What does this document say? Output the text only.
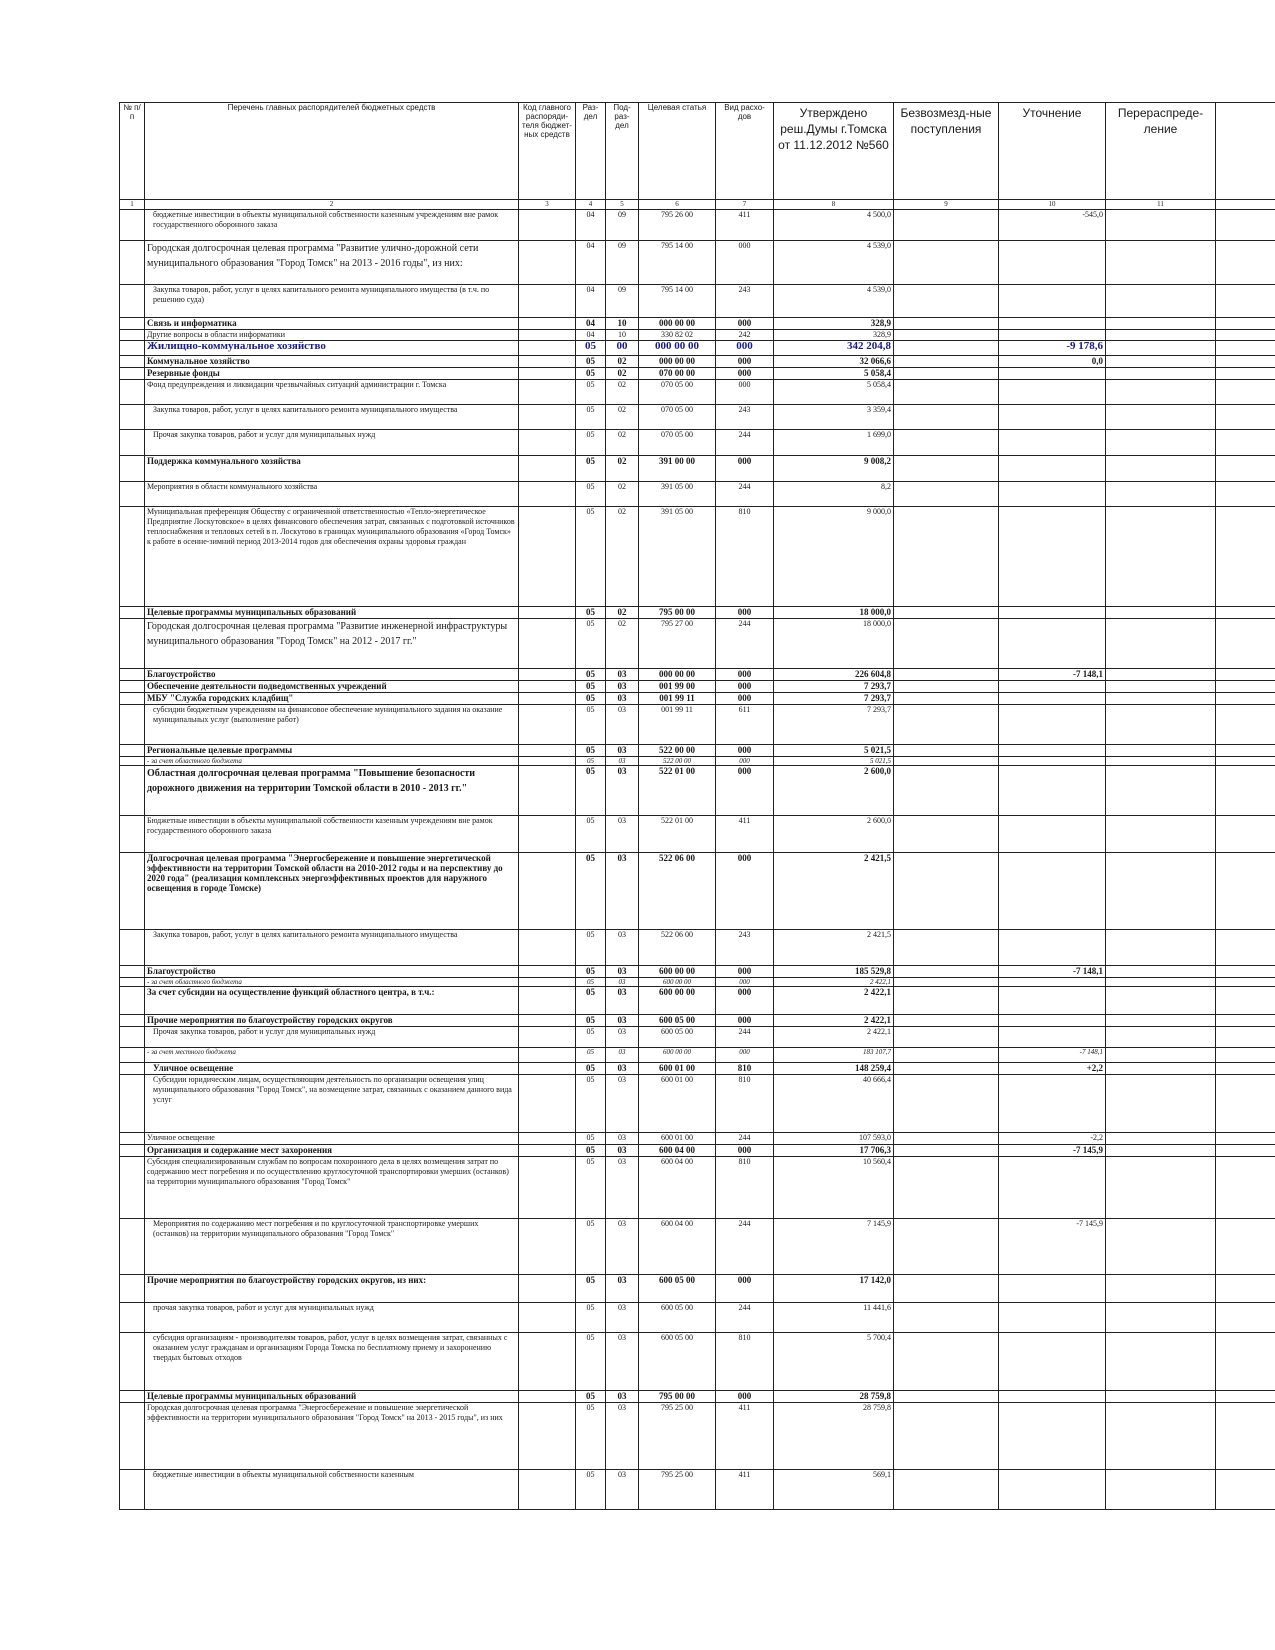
№ п/п	Перечень главных распорядителей бюджетных средств	Код главного распоряди-теля бюджет-ных средств	Раз-дел	Под-раз-дел	Целевая статья	Вид расхо-дов	Утверждено реш.Думы г.Томска от 11.12.2012 №560	Безвозмезд-ные поступления	Уточнение	Перераспреде-ление	
1	2	3	4	5	6	7	8	9	10	11	
	бюджетные инвестиции в объекты муниципальной собственности казенным учреждениям вне рамок государственного оборонного заказа		04	09	795 26 00	411	4 500,0		-545,0		
	Городская долгосрочная целевая программа "Развитие улично-дорожной сети муниципального образования "Город Томск" на 2013 - 2016 годы", из них:		04	09	795 14 00	000	4 539,0				
	Закупка товаров, работ, услуг в целях капитального ремонта муниципального имущества (в т.ч. по решению суда)		04	09	795 14 00	243	4 539,0				
	Связь и информатика		04	10	000 00 00	000	328,9				
	Другие вопросы в области информатики		04	10	330 82 02	242	328,9				
	Жилищно-коммунальное хозяйство		05	00	000 00 00	000	342 204,8		-9 178,6		
	Коммунальное хозяйство		05	02	000 00 00	000	32 066,6		0,0		
	Резервные фонды		05	02	070 00 00	000	5 058,4				
	Фонд предупреждения и ликвидации чрезвычайных ситуаций администрации г. Томска		05	02	070 05 00	000	5 058,4				
	Закупка товаров, работ, услуг в целях капитального ремонта муниципального имущества		05	02	070 05 00	243	3 359,4				
	Прочая закупка товаров, работ и услуг для муниципальных нужд		05	02	070 05 00	244	1 699,0				
	Поддержка коммунального хозяйства		05	02	391 00 00	000	9 008,2				
	Мероприятия в области коммунального хозяйства		05	02	391 05 00	244	8,2				
	Муниципальная преференция Обществу с ограниченной ответственностью «Тепло-энергетическое Предприятие Лоскутовское» в целях финансового обеспечения затрат, связанных с подготовкой источников теплоснабжения и тепловых сетей в п. Лоскутово в границах муниципального образования «Город Томск» к работе в осенне-зимний период 2013-2014 годов для обеспечения охраны здоровья граждан		05	02	391 05 00	810	9 000,0				
	Целевые программы муниципальных образований		05	02	795 00 00	000	18 000,0				
	Городская долгосрочная целевая программа "Развитие инженерной инфраструктуры муниципального образования "Город Томск" на 2012 - 2017 гг."		05	02	795 27 00	244	18 000,0				
	Благоустройство		05	03	000 00 00	000	226 604,8		-7 148,1		
	Обеспечение деятельности подведомственных учреждений		05	03	001 99 00	000	7 293,7				
	МБУ "Служба городских кладбищ"		05	03	001 99 11	000	7 293,7				
	субсидии бюджетным учреждениям на финансовое обеспечение муниципального задания на оказание муниципальных услуг (выполнение работ)		05	03	001 99 11	611	7 293,7				
	Региональные целевые программы		05	03	522 00 00	000	5 021,5				
	- за счет областного бюджета		05	03	522 00 00	000	5 021,5				
	Областная долгосрочная целевая программа "Повышение безопасности дорожного движения на территории Томской области в 2010 - 2013 гг."		05	03	522 01 00	000	2 600,0				
	Бюджетные инвестиции в объекты муниципальной собственности казенным учреждениям вне рамок государственного оборонного заказа		05	03	522 01 00	411	2 600,0				
	Долгосрочная целевая программа "Энергосбережение и повышение энергетической эффективности на территории Томской области на 2010-2012 годы и на перспективу до 2020 года" (реализация комплексных энергоэффективных проектов для наружного освещения в городе Томске)		05	03	522 06 00	000	2 421,5				
	Закупка товаров, работ, услуг в целях капитального ремонта муниципального имущества		05	03	522 06 00	243	2 421,5				
	Благоустройство		05	03	600 00 00	000	185 529,8		-7 148,1		
	- за счет областного бюджета		05	03	600 00 00	000	2 422,1				
	За счет субсидии на осуществление функций областного центра, в т.ч.:		05	03	600 00 00	000	2 422,1				
	Прочие мероприятия по благоустройству городских округов		05	03	600 05 00	000	2 422,1				
	Прочая закупка товаров, работ и услуг для муниципальных нужд		05	03	600 05 00	244	2 422,1				
	- за счет местного бюджета		05	03	600 00 00	000	183 107,7		-7 148,1		
	Уличное освещение		05	03	600 01 00	810	148 259,4		+2,2		
	Субсидии юридическим лицам, осуществляющим деятельность по организации освещения улиц муниципального образования "Город Томск", на возмещение затрат, связанных с оказанием данного вида услуг		05	03	600 01 00	810	40 666,4				
	Уличное освещение		05	03	600 01 00	244	107 593,0		-2,2		
	Организация и содержание мест захоронения		05	03	600 04 00	000	17 706,3		-7 145,9		
	Субсидия специализированным службам по вопросам похоронного дела в целях возмещения затрат по содержанию мест погребения и по осуществлению круглосуточной транспортировки умерших (останков) на территории муниципального образования "Город Томск"		05	03	600 04 00	810	10 560,4				
	Мероприятия по содержанию мест погребения и по круглосуточной транспортировке умерших (останков) на территории муниципального образования "Город Томск"		05	03	600 04 00	244	7 145,9		-7 145,9		
	Прочие мероприятия по благоустройству городских округов, из них:		05	03	600 05 00	000	17 142,0				
	прочая закупка товаров, работ и услуг для муниципальных нужд		05	03	600 05 00	244	11 441,6				
	субсидия организациям - производителям товаров, работ, услуг в целях возмещения затрат, связанных с оказанием услуг гражданам и организациям Города Томска по бесплатному приему и захоронению твердых бытовых отходов		05	03	600 05 00	810	5 700,4				
	Целевые программы муниципальных образований		05	03	795 00 00	000	28 759,8				
	Городская долгосрочная целевая программа "Энергосбережение и повышение энергетической эффективности на территории муниципального образования "Город Томск" на 2013 - 2015 годы", из них		05	03	795 25 00	411	28 759,8				
	бюджетные инвестиции в объекты муниципальной собственности казенным		05	03	795 25 00	411	569,1				
